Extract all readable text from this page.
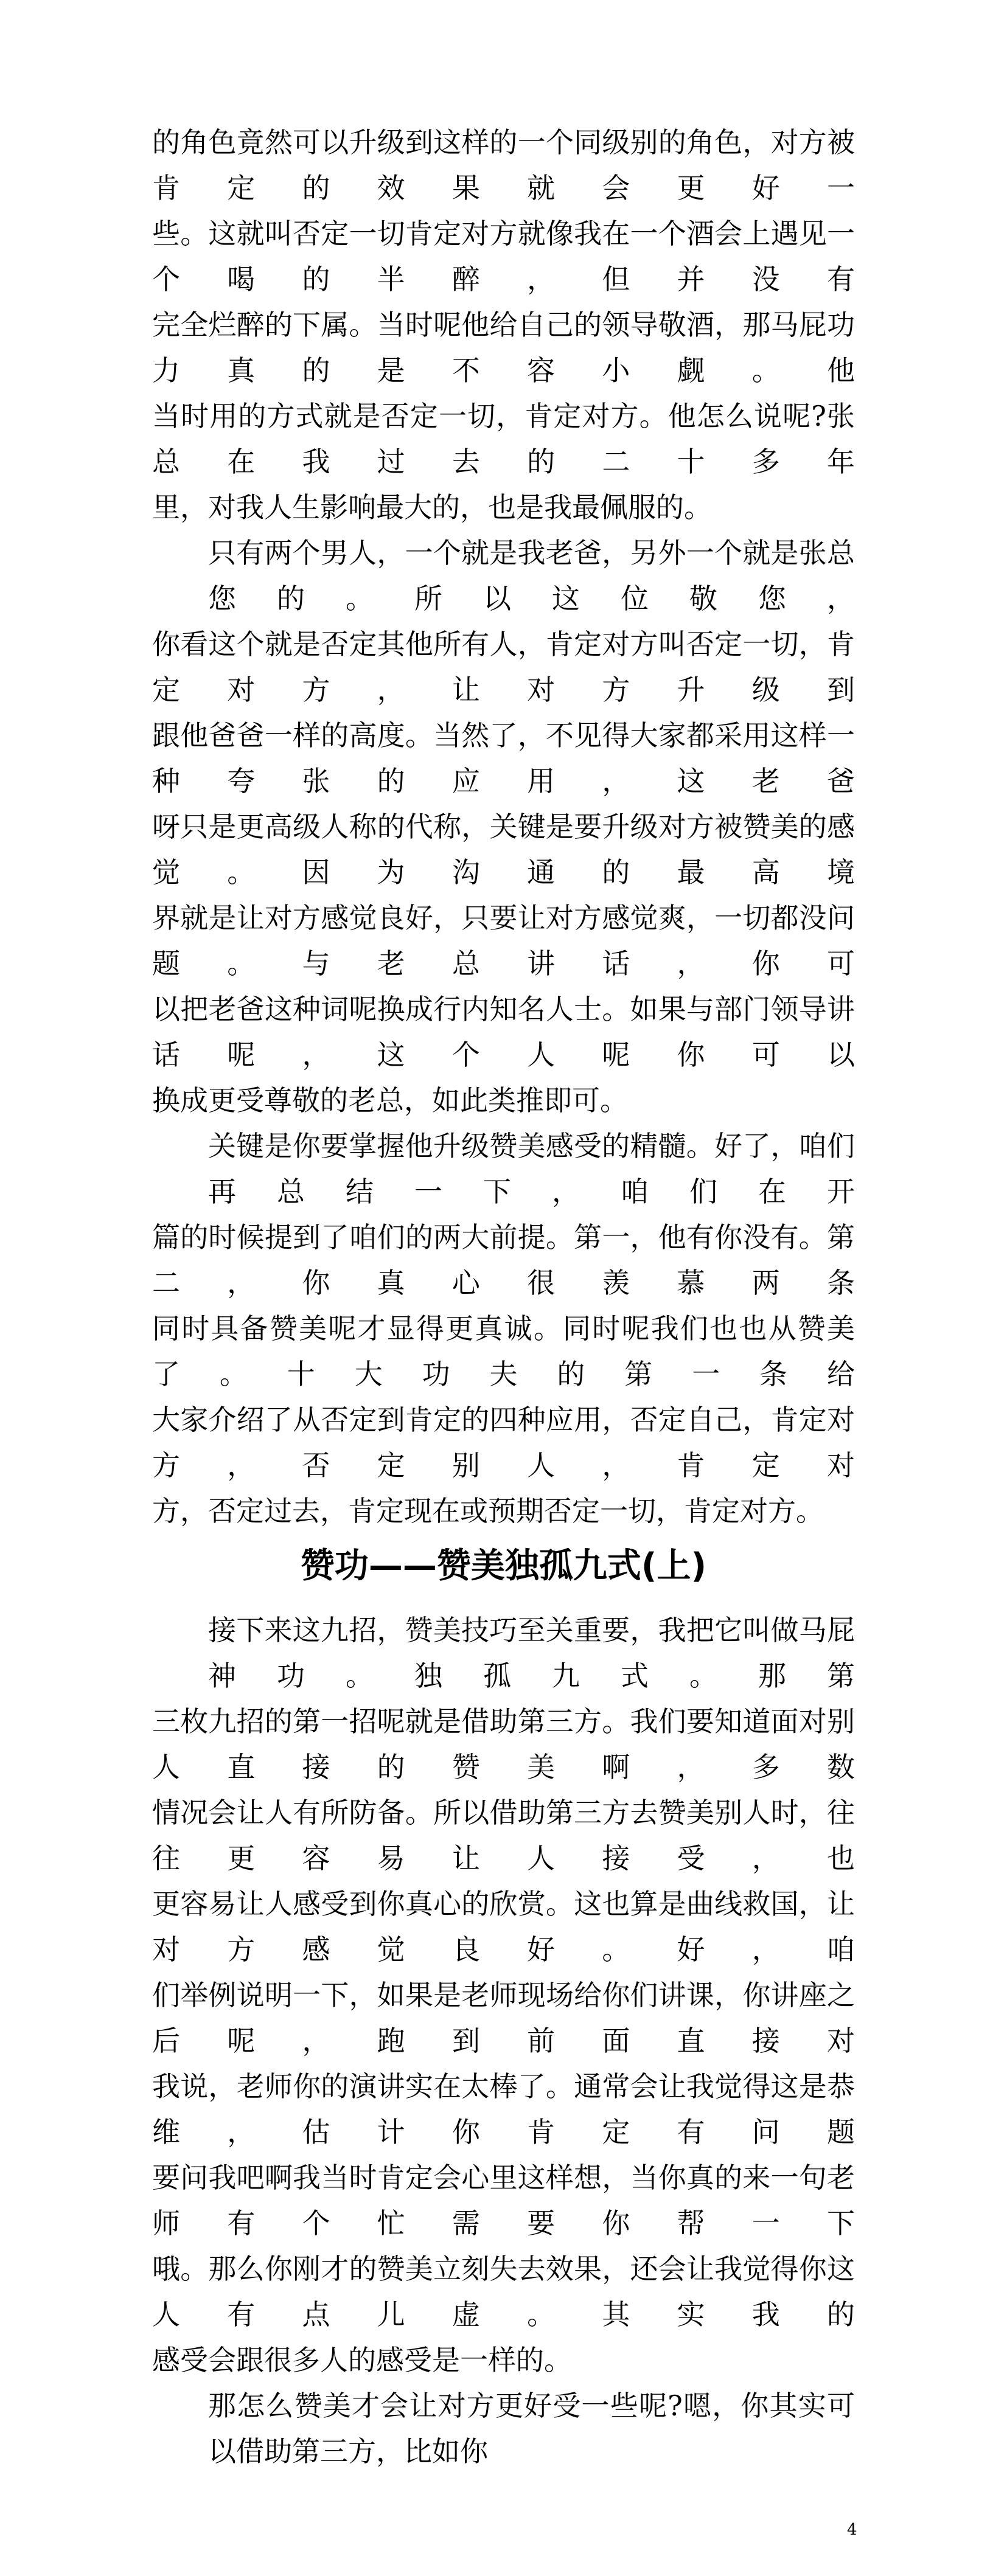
的角色竟然可以升级到这样的一个同级别的角色，对方被肯定的效果就会更好一
些。这就叫否定一切肯定对方就像我在一个酒会上遇见一个喝的半醉，但并没有
完全烂醉的下属。当时呢他给自己的领导敬酒，那马屁功力真的是不容小觑。他
当时用的方式就是否定一切，肯定对方。他怎么说呢?张总在我过去的二十多年
里，对我人生影响最大的，也是我最佩服的。
只有两个男人，一个就是我老爸，另外一个就是张总您的。所以这位敬您，
你看这个就是否定其他所有人，肯定对方叫否定一切，肯定对方，让对方升级到
跟他爸爸一样的高度。当然了，不见得大家都采用这样一种夸张的应用，这老爸
呀只是更高级人称的代称，关键是要升级对方被赞美的感觉。因为沟通的最高境
界就是让对方感觉良好，只要让对方感觉爽，一切都没问题。与老总讲话，你可
以把老爸这种词呢换成行内知名人士。如果与部门领导讲话呢，这个人呢你可以
换成更受尊敬的老总，如此类推即可。
关键是你要掌握他升级赞美感受的精髓。好了，咱们再总结一下，咱们在开
篇的时候提到了咱们的两大前提。第一，他有你没有。第二，你真心很羡慕两条
同时具备赞美呢才显得更真诚。同时呢我们也也从赞美了。十大功夫的第一条给
大家介绍了从否定到肯定的四种应用，否定自己，肯定对方，否定别人，肯定对
方，否定过去，肯定现在或预期否定一切，肯定对方。
赞功——赞美独孤九式(上)
接下来这九招，赞美技巧至关重要，我把它叫做马屁神功。独孤九式。那第
三枚九招的第一招呢就是借助第三方。我们要知道面对别人直接的赞美啊，多数
情况会让人有所防备。所以借助第三方去赞美别人时，往往更容易让人接受，也
更容易让人感受到你真心的欣赏。这也算是曲线救国，让对方感觉良好。好，咱
们举例说明一下，如果是老师现场给你们讲课，你讲座之后呢，跑到前面直接对
我说，老师你的演讲实在太棒了。通常会让我觉得这是恭维，估计你肯定有问题
要问我吧啊我当时肯定会心里这样想，当你真的来一句老师有个忙需要你帮一下
哦。那么你刚才的赞美立刻失去效果，还会让我觉得你这人有点儿虚。其实我的
感受会跟很多人的感受是一样的。
那怎么赞美才会让对方更好受一些呢?嗯，你其实可以借助第三方，比如你
4
